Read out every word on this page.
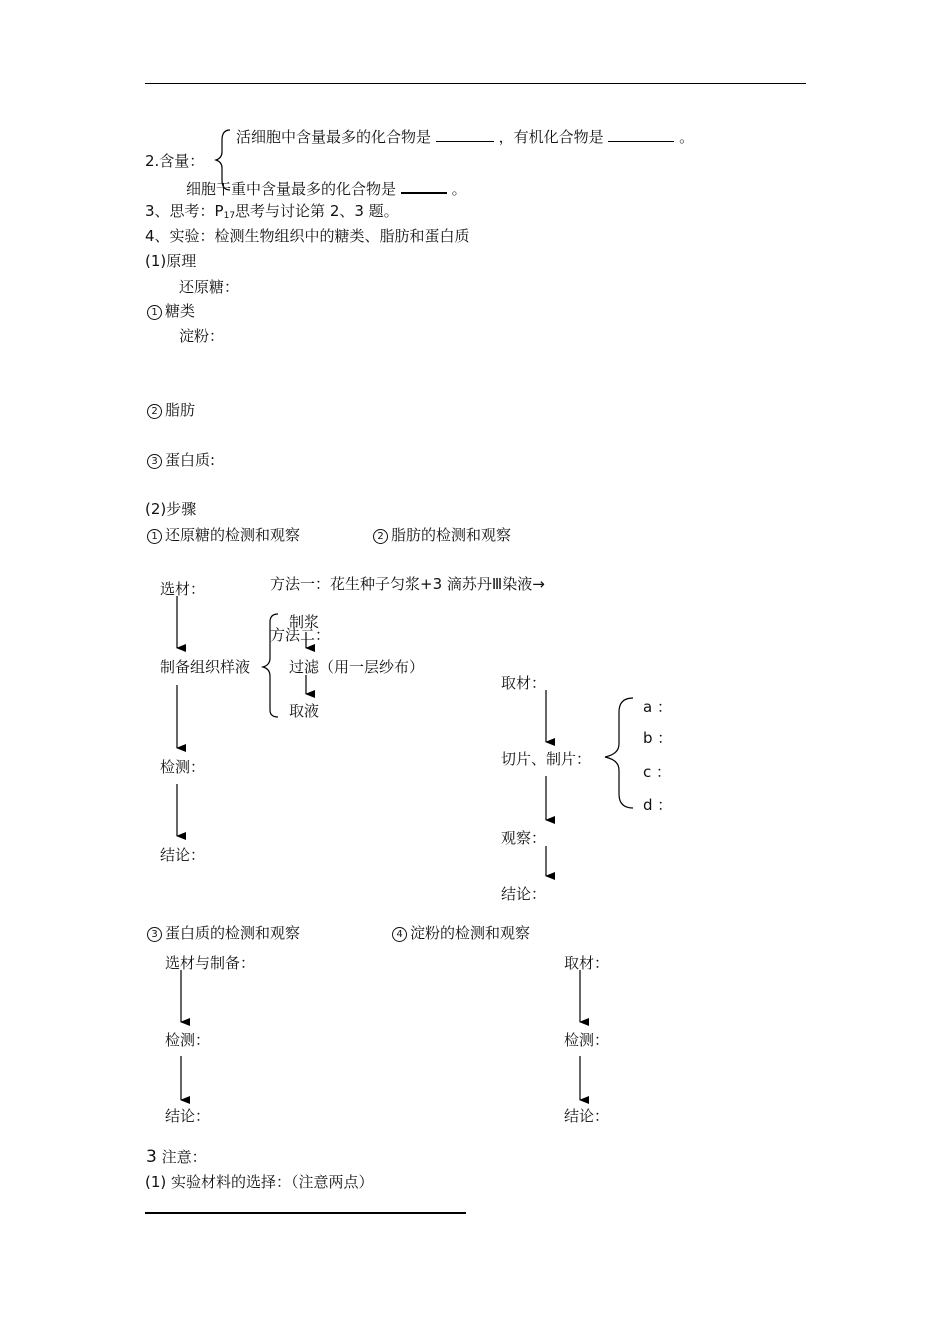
活细胞中含量最多的化合物是	，有机化合物是	。
2.含量：
细胞干重中含量最多的化合物是	。
3、思考：$P_{17}$思考与讨论第 2、3 题。
4、实验：检测生物组织中的糖类、脂肪和蛋白质
(1)原理
还原糖：
1 糖类
淀粉：
2 脂肪
3 蛋白质:
(2)步骤
1 还原糖的检测和观察	2 脂肪的检测和观察
选材：
制备组织样液
制浆
过滤（用一层纱布）
取液
检测：
结论：
方法一：花生种子匀浆+3 滴苏丹Ⅲ染液→
方法二：
取材：
切片、制片：
a ：
b ：
c ：
d ：
观察：
结论：
3 蛋白质的检测和观察	4 淀粉的检测和观察
选材与制备：
检测：
结论：
取材：
检测：
结论：
3 注意：
(1) 实验材料的选择：（注意两点）
